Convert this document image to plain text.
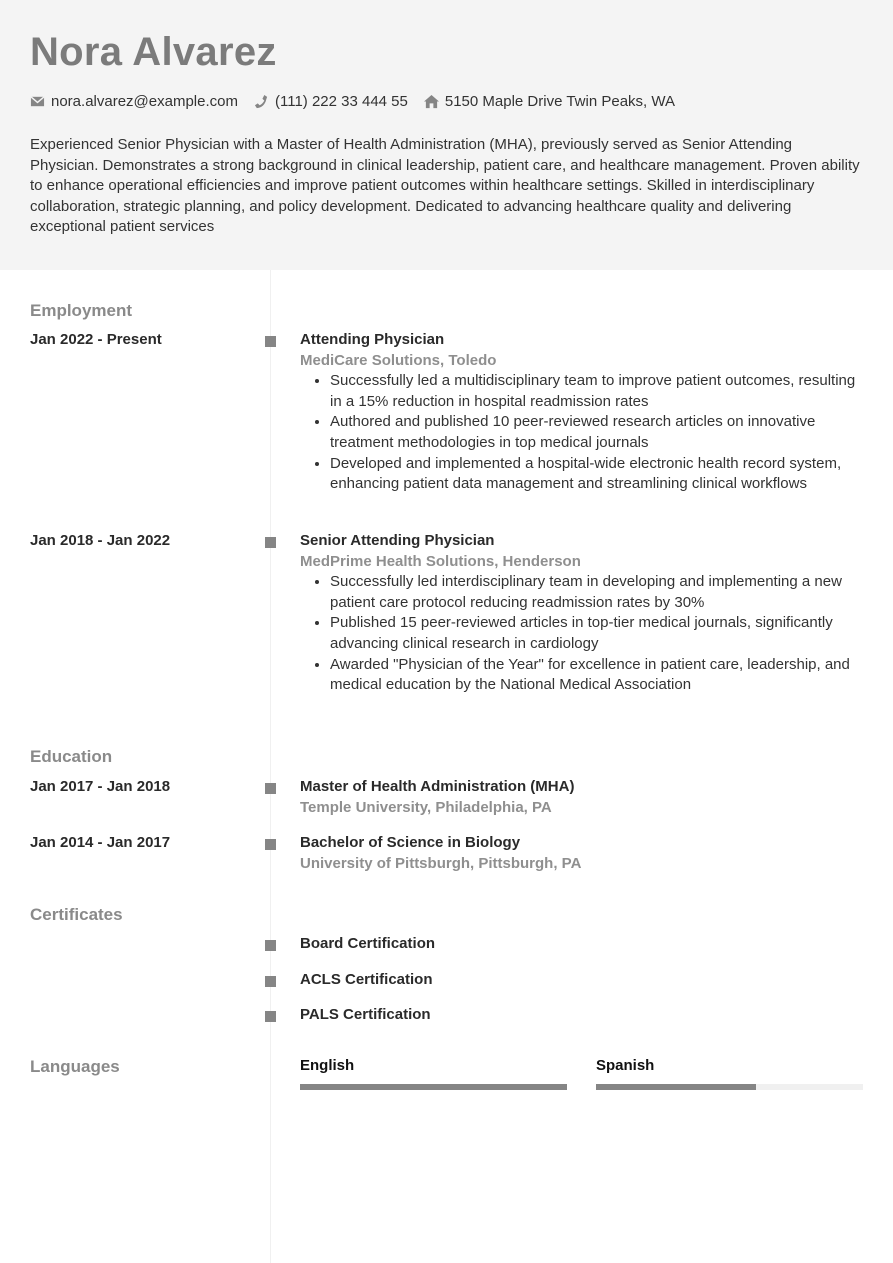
Nora Alvarez
nora.alvarez@example.com (111) 222 33 444 55 5150 Maple Drive Twin Peaks, WA

Experienced Senior Physician with a Master of Health Administration (MHA), previously served as Senior Attending Physician. Demonstrates a strong background in clinical leadership, patient care, and healthcare management. Proven ability to enhance operational efficiencies and improve patient outcomes within healthcare settings. Skilled in interdisciplinary collaboration, strategic planning, and policy development. Dedicated to advancing healthcare quality and delivering exceptional patient services

Employment
Jan 2022 - Present	Attending Physician
MediCare Solutions, Toledo
• Successfully led a multidisciplinary team to improve patient outcomes, resulting in a 15% reduction in hospital readmission rates
• Authored and published 10 peer-reviewed research articles on innovative treatment methodologies in top medical journals
• Developed and implemented a hospital-wide electronic health record system, enhancing patient data management and streamlining clinical workflows
Jan 2018 - Jan 2022	Senior Attending Physician
MedPrime Health Solutions, Henderson
• Successfully led interdisciplinary team in developing and implementing a new patient care protocol reducing readmission rates by 30%
• Published 15 peer-reviewed articles in top-tier medical journals, significantly advancing clinical research in cardiology
• Awarded "Physician of the Year" for excellence in patient care, leadership, and medical education by the National Medical Association
Education
Jan 2017 - Jan 2018	Master of Health Administration (MHA)
Temple University, Philadelphia, PA
Jan 2014 - Jan 2017	Bachelor of Science in Biology
University of Pittsburgh, Pittsburgh, PA
Certificates
Board Certification
ACLS Certification
PALS Certification
Languages	English	Spanish
